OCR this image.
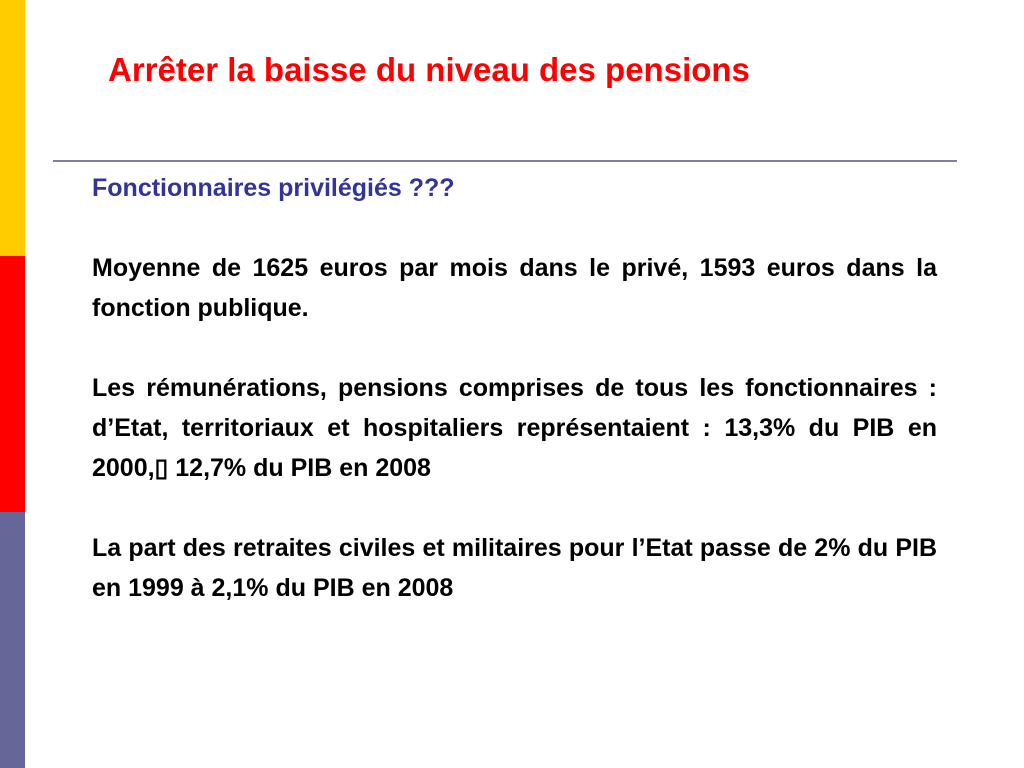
Arrêter la baisse du niveau des pensions

Fonctionnaires privilégiés ???

Moyenne de 1625 euros par mois dans le privé, 1593 euros dans la fonction publique.

Les rémunérations, pensions comprises de tous les fonctionnaires : d’Etat, territoriaux et hospitaliers représentaient : 13,3% du PIB en 2000,▯ 12,7% du PIB en 2008

La part des retraites civiles et militaires pour l’Etat passe de 2% du PIB en 1999 à 2,1% du PIB en 2008
